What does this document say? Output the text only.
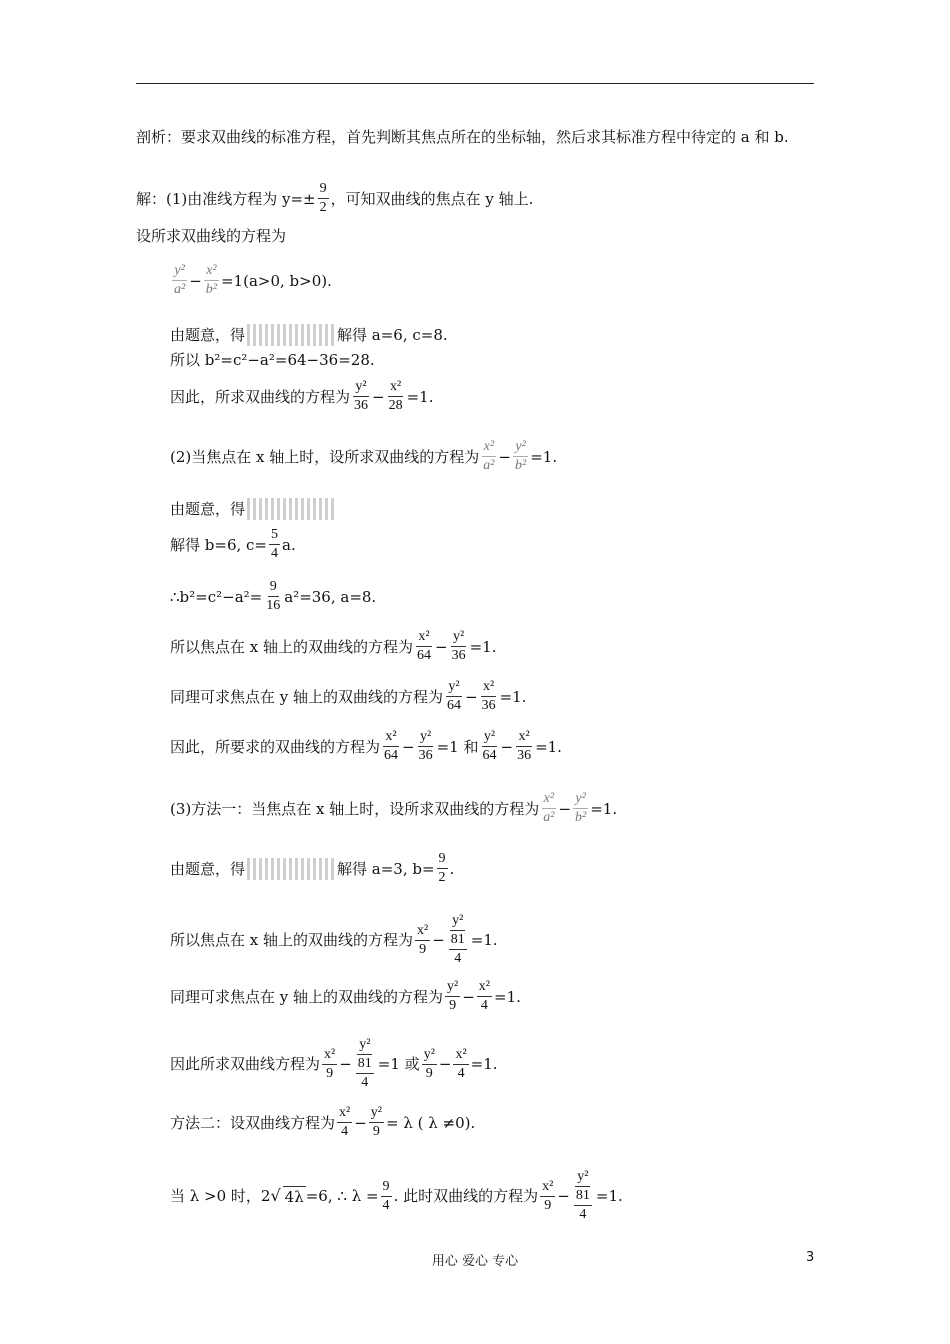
剖析：要求双曲线的标准方程，首先判断其焦点所在的坐标轴，然后求其标准方程中待定的 a 和 b.
解：(1)由准线方程为 $y=\pm \frac{9}{2}$ ，可知双曲线的焦点在 y 轴上.
设所求双曲线的方程为
$\frac{\text{y²}}{\text{a²}} - \frac{\text{x²}}{\text{b²}} =1(a>0$, b>0).
由题意，得	解得 a=6, c=8.
所以 b²=c²−a²=64−36=28.
因此，所求双曲线的方程为 $\frac{\text{y²}}{36} - \frac{\text{x²}}{28} =1$.
(2)当焦点在 x 轴上时，设所求双曲线的方程为 $\frac{\text{x²}}{\text{a²}} - \frac{\text{y²}}{\text{b²}} =1$.
由题意，得
解得 b=6, $c= \frac{5}{4} a$.
∴b²=c²−a²= $\frac{9}{16} a^2=36$, a=8.
所以焦点在 x 轴上的双曲线的方程为 $\frac{\text{x²}}{64} - \frac{\text{y²}}{36} =1$.
同理可求焦点在 y 轴上的双曲线的方程为 $\frac{\text{y²}}{64} - \frac{\text{x²}}{36} =1$.
因此，所要求的双曲线的方程为 $\frac{\text{x²}}{64} - \frac{\text{y²}}{36} =1$ 和 $\frac{\text{y²}}{64} - \frac{\text{x²}}{36} =1$.
(3)方法一：当焦点在 x 轴上时，设所求双曲线的方程为 $\frac{\text{x²}}{\text{a²}} - \frac{\text{y²}}{\text{b²}} =1$.
由题意，得	解得 a=3, $b= \frac{9}{2}$ .
所以焦点在 x 轴上的双曲线的方程为 $\frac{\text{x²}}{9} - \frac{\text{y²}}{\frac{81}{4}} =1$.
同理可求焦点在 y 轴上的双曲线的方程为 $\frac{\text{y²}}{9} - \frac{\text{x²}}{4} =1$.
因此所求双曲线方程为 $\frac{\text{x²}}{9} - \frac{\text{y²}}{\frac{81}{4}} =1$ 或 $\frac{\text{y²}}{9} - \frac{\text{x²}}{4} =1$.
方法二：设双曲线方程为 $\frac{\text{x²}}{4} - \frac{\text{y²}}{9} = \lambda$ ( λ ≠0).
当 λ >0 时，2 √ 4λ =6, ∴ $\lambda = \frac{9}{4}$ . 此时双曲线的方程为 $\frac{\text{x²}}{9} - \frac{\text{y²}}{\frac{81}{4}} =1$.
用心 爱心 专心	3
